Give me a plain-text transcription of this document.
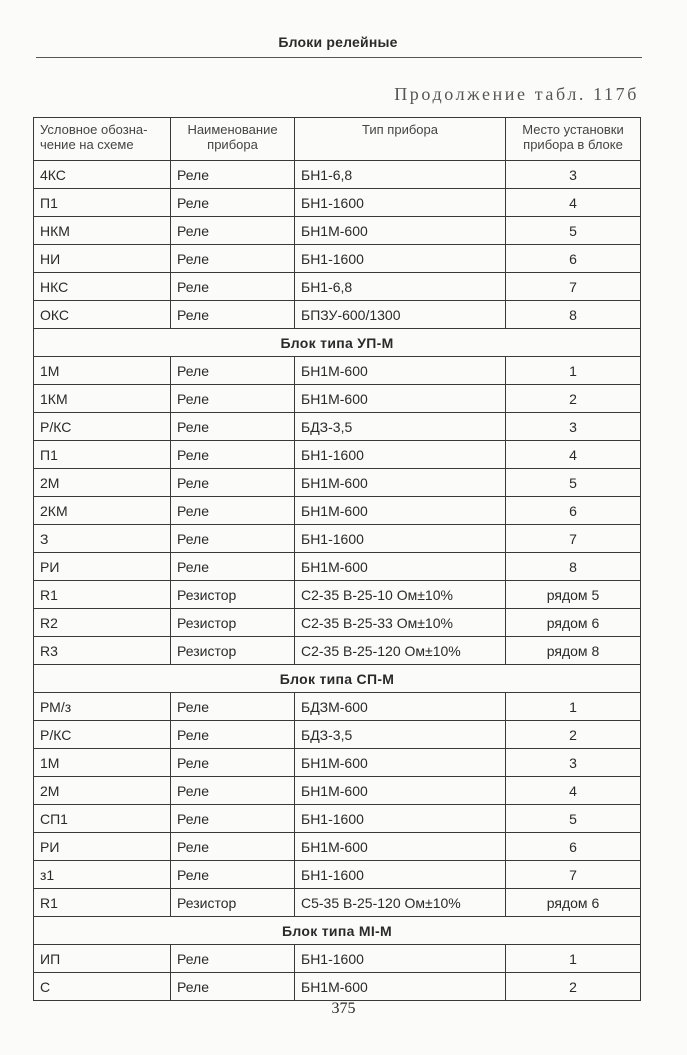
Блоки релейные
Продолжение табл. 117б
Условное обозна-чение на схеме	Наименование прибора	Тип прибора	Место установки прибора в блоке
4КС	Реле	БН1-6,8	3
П1	Реле	БН1-1600	4
НКМ	Реле	БН1М-600	5
НИ	Реле	БН1-1600	6
НКС	Реле	БН1-6,8	7
ОКС	Реле	БПЗУ-600/1300	8
Блок типа УП-М			
1М	Реле	БН1М-600	1
1КМ	Реле	БН1М-600	2
Р/КС	Реле	БДЗ-3,5	3
П1	Реле	БН1-1600	4
2М	Реле	БН1М-600	5
2КМ	Реле	БН1М-600	6
З	Реле	БН1-1600	7
РИ	Реле	БН1М-600	8
R1	Резистор	С2-35 В-25-10 Ом±10%	рядом 5
R2	Резистор	С2-35 В-25-33 Ом±10%	рядом 6
R3	Резистор	С2-35 В-25-120 Ом±10%	рядом 8
Блок типа СП-М			
РМ/з	Реле	БДЗМ-600	1
Р/КС	Реле	БДЗ-3,5	2
1М	Реле	БН1М-600	3
2М	Реле	БН1М-600	4
СП1	Реле	БН1-1600	5
РИ	Реле	БН1М-600	6
з1	Реле	БН1-1600	7
R1	Резистор	С5-35 В-25-120 Ом±10%	рядом 6
Блок типа MI-M			
ИП	Реле	БН1-1600	1
С	Реле	БН1М-600	2
375
